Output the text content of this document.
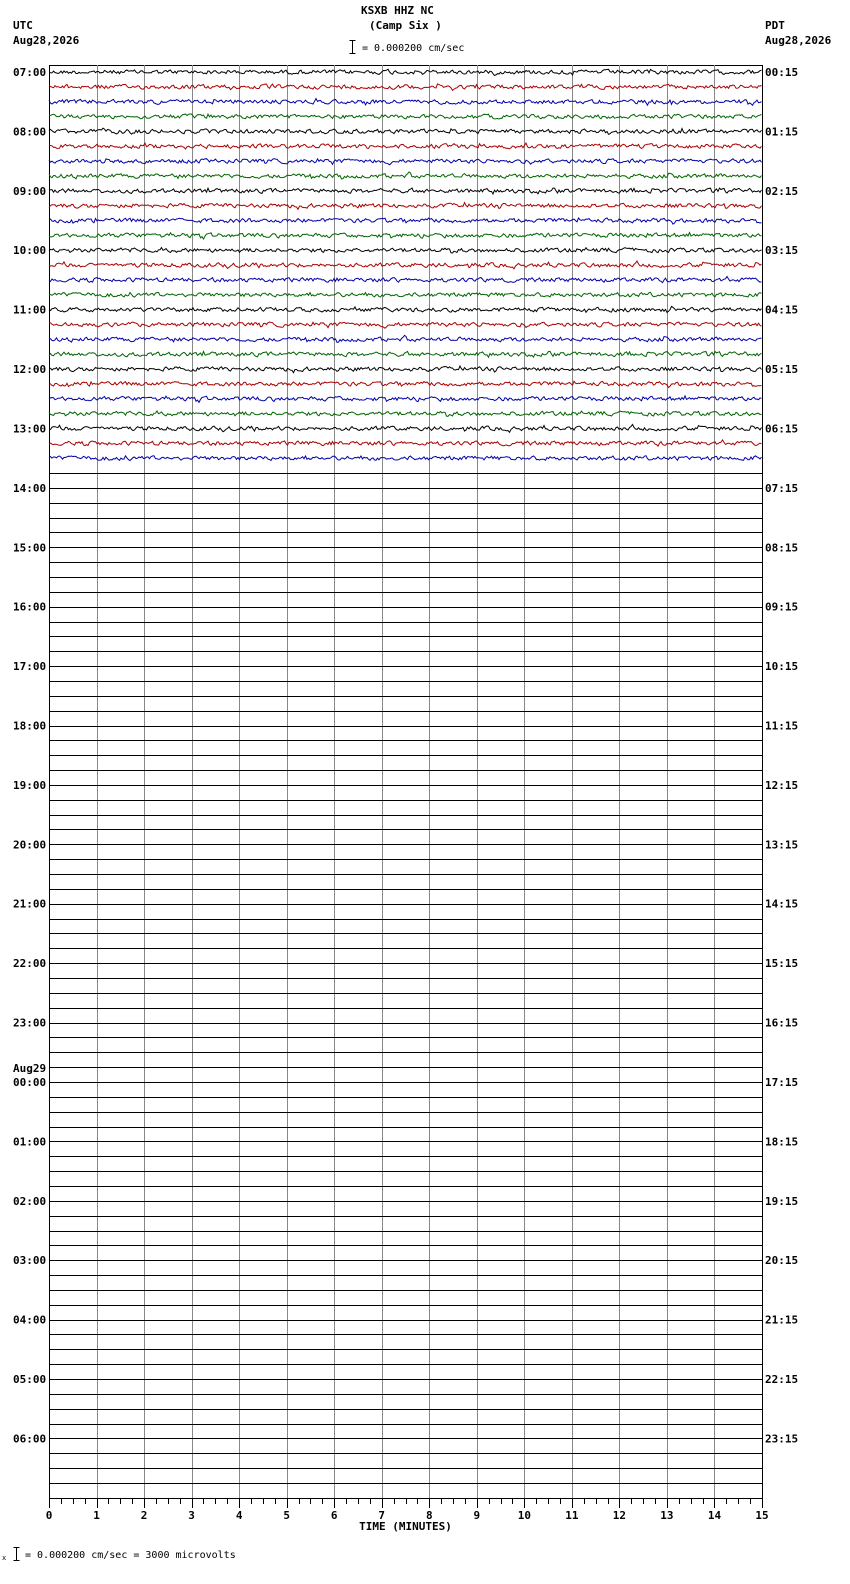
KSXB HHZ NC
(Camp Six )
= 0.000200 cm/sec
UTC
Aug28,2026
PDT
Aug28,2026
0	1	2	3	4	5	6	7	8	9	10	11	12	13	14	15
TIME (MINUTES)
07:00	00:15
08:00	01:15
09:00	02:15
10:00	03:15
11:00	04:15
12:00	05:15
13:00	06:15
14:00	07:15
15:00	08:15
16:00	09:15
17:00	10:15
18:00	11:15
19:00	12:15
20:00	13:15
21:00	14:15
22:00	15:15
23:00	16:15
00:00	17:15
Aug29
01:00	18:15
02:00	19:15
03:00	20:15
04:00	21:15
05:00	22:15
06:00	23:15
x = 0.000200 cm/sec = 3000 microvolts
